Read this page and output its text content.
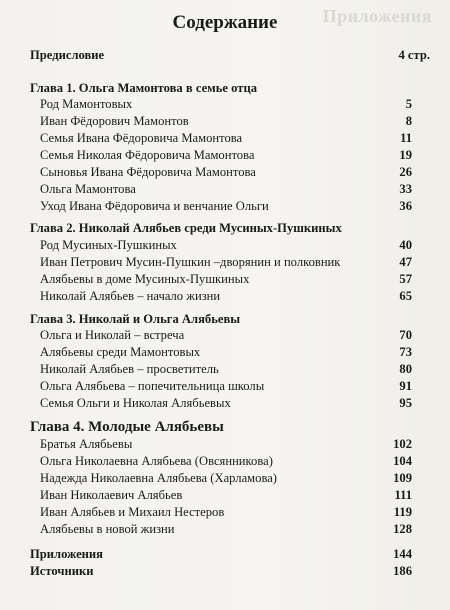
Приложения
Содержание
Предисловие	4 стр.
Глава 1. Ольга Мамонтова в семье отца
Род Мамонтовых	5
Иван Фёдорович Мамонтов	8
Семья Ивана Фёдоровича Мамонтова	11
Семья Николая Фёдоровича Мамонтова	19
Сыновья Ивана Фёдоровича Мамонтова	26
Ольга Мамонтова	33
Уход Ивана Фёдоровича и венчание Ольги	36
Глава 2. Николай Алябьев среди Мусиных-Пушкиных
Род Мусиных-Пушкиных	40
Иван Петрович Мусин-Пушкин –дворянин и полковник	47
Алябьевы в доме Мусиных-Пушкиных	57
Николай Алябьев – начало жизни	65
Глава 3. Николай и Ольга Алябьевы
Ольга и Николай – встреча	70
Алябьевы среди Мамонтовых	73
Николай Алябьев – просветитель	80
Ольга Алябьева – попечительница школы	91
Семья Ольги и Николая Алябьевых	95
Глава 4. Молодые Алябьевы
Братья Алябьевы	102
Ольга Николаевна Алябьева (Овсянникова)	104
Надежда Николаевна Алябьева (Харламова)	109
Иван Николаевич Алябьев	111
Иван Алябьев и Михаил Нестеров	119
Алябьевы в новой жизни	128
Приложения	144
Источники	186
